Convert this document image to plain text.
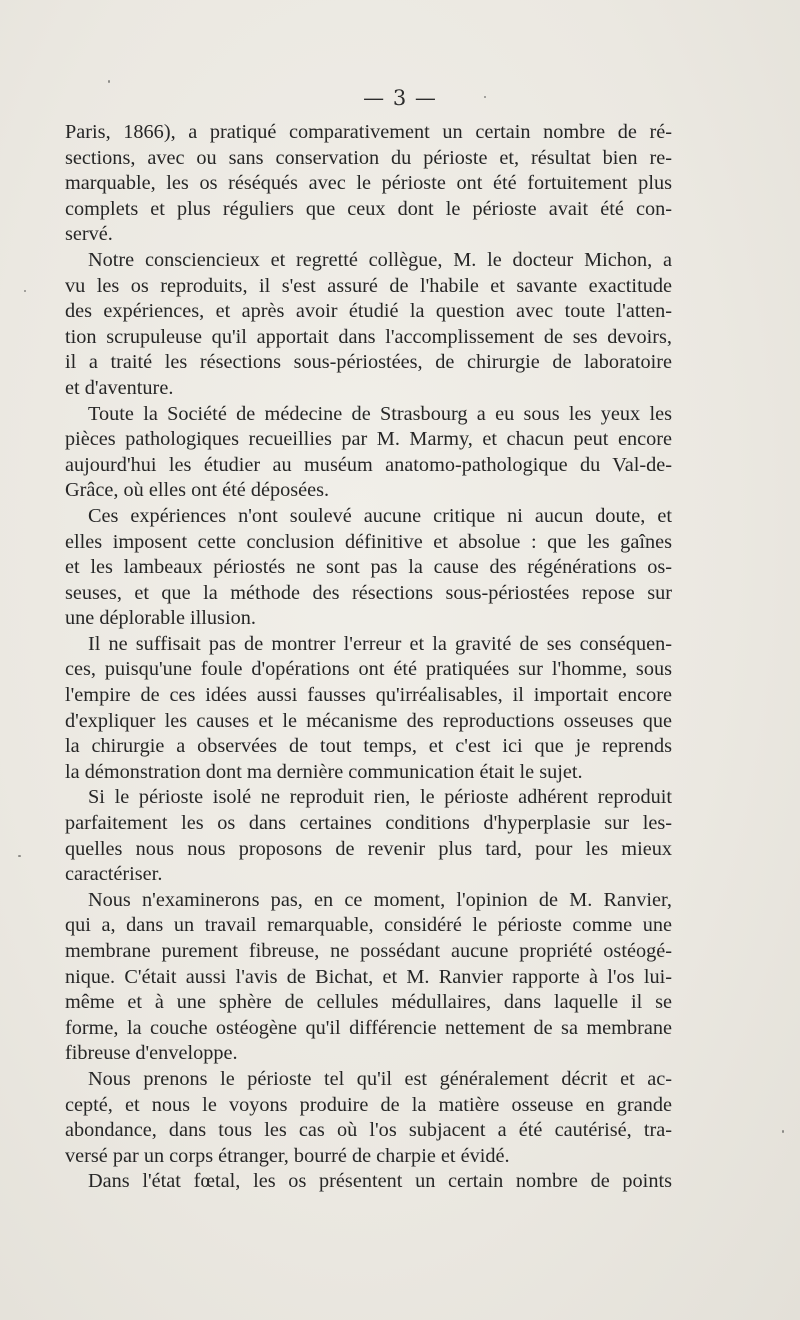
— 3 —
Paris, 1866), a pratiqué comparativement un certain nombre de ré-
sections, avec ou sans conservation du périoste et, résultat bien re-
marquable, les os réséqués avec le périoste ont été fortuitement plus
complets et plus réguliers que ceux dont le périoste avait été con-
servé.
Notre consciencieux et regretté collègue, M. le docteur Michon, a
vu les os reproduits, il s'est assuré de l'habile et savante exactitude
des expériences, et après avoir étudié la question avec toute l'atten-
tion scrupuleuse qu'il apportait dans l'accomplissement de ses devoirs,
il a traité les résections sous-périostées, de chirurgie de laboratoire
et d'aventure.
Toute la Société de médecine de Strasbourg a eu sous les yeux les
pièces pathologiques recueillies par M. Marmy, et chacun peut encore
aujourd'hui les étudier au muséum anatomo-pathologique du Val-de-
Grâce, où elles ont été déposées.
Ces expériences n'ont soulevé aucune critique ni aucun doute, et
elles imposent cette conclusion définitive et absolue : que les gaînes
et les lambeaux périostés ne sont pas la cause des régénérations os-
seuses, et que la méthode des résections sous-périostées repose sur
une déplorable illusion.
Il ne suffisait pas de montrer l'erreur et la gravité de ses conséquen-
ces, puisqu'une foule d'opérations ont été pratiquées sur l'homme, sous
l'empire de ces idées aussi fausses qu'irréalisables, il importait encore
d'expliquer les causes et le mécanisme des reproductions osseuses que
la chirurgie a observées de tout temps, et c'est ici que je reprends
la démonstration dont ma dernière communication était le sujet.
Si le périoste isolé ne reproduit rien, le périoste adhérent reproduit
parfaitement les os dans certaines conditions d'hyperplasie sur les-
quelles nous nous proposons de revenir plus tard, pour les mieux
caractériser.
Nous n'examinerons pas, en ce moment, l'opinion de M. Ranvier,
qui a, dans un travail remarquable, considéré le périoste comme une
membrane purement fibreuse, ne possédant aucune propriété ostéogé-
nique. C'était aussi l'avis de Bichat, et M. Ranvier rapporte à l'os lui-
même et à une sphère de cellules médullaires, dans laquelle il se
forme, la couche ostéogène qu'il différencie nettement de sa membrane
fibreuse d'enveloppe.
Nous prenons le périoste tel qu'il est généralement décrit et ac-
cepté, et nous le voyons produire de la matière osseuse en grande
abondance, dans tous les cas où l'os subjacent a été cautérisé, tra-
versé par un corps étranger, bourré de charpie et évidé.
Dans l'état fœtal, les os présentent un certain nombre de points
